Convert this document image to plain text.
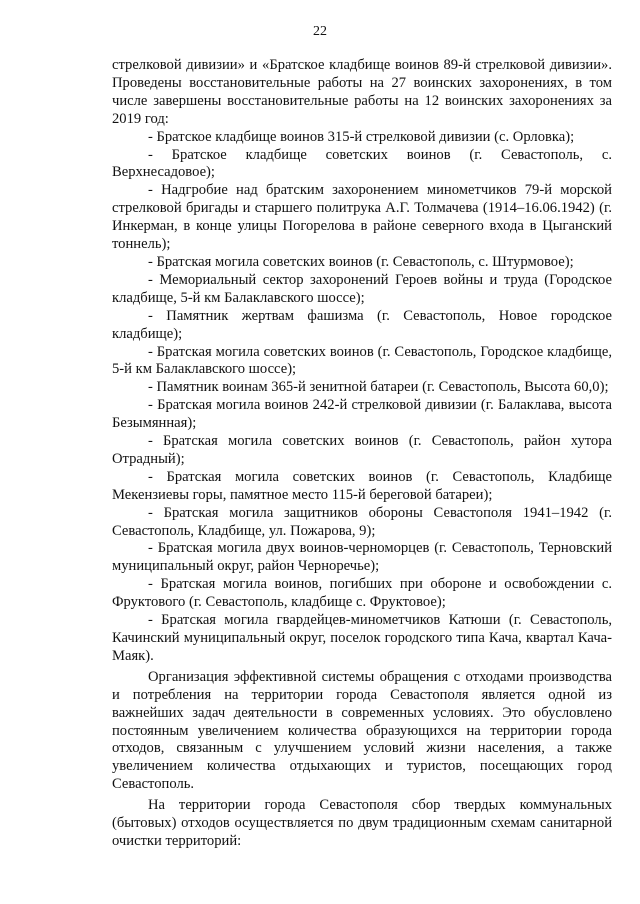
22

стрелковой дивизии» и «Братское кладбище воинов 89-й стрелковой дивизии». Проведены восстановительные работы на 27 воинских захоронениях, в том числе завершены восстановительные работы на 12 воинских захоронениях за 2019 год:

- Братское кладбище воинов 315-й стрелковой дивизии (с. Орловка);

- Братское кладбище советских воинов (г. Севастополь, с. Верхнесадовое);

- Надгробие над братским захоронением минометчиков 79-й морской стрелковой бригады и старшего политрука А.Г. Толмачева (1914–16.06.1942) (г. Инкерман, в конце улицы Погорелова в районе северного входа в Цыганский тоннель);

- Братская могила советских воинов (г. Севастополь, с. Штурмовое);

- Мемориальный сектор захоронений Героев войны и труда (Городское кладбище, 5-й км Балаклавского шоссе);

- Памятник жертвам фашизма (г. Севастополь, Новое городское кладбище);

- Братская могила советских воинов (г. Севастополь, Городское кладбище, 5-й км Балаклавского шоссе);

- Памятник воинам 365-й зенитной батареи (г. Севастополь, Высота 60,0);

- Братская могила воинов 242-й стрелковой дивизии (г. Балаклава, высота Безымянная);

- Братская могила советских воинов (г. Севастополь, район хутора Отрадный);

- Братская могила советских воинов (г. Севастополь, Кладбище Мекензиевы горы, памятное место 115-й береговой батареи);

- Братская могила защитников обороны Севастополя 1941–1942 (г. Севастополь, Кладбище, ул. Пожарова, 9);

- Братская могила двух воинов-черноморцев (г. Севастополь, Терновский муниципальный округ, район Черноречье);

- Братская могила воинов, погибших при обороне и освобождении с. Фруктового (г. Севастополь, кладбище с. Фруктовое);

- Братская могила гвардейцев-минометчиков Катюши (г. Севастополь, Качинский муниципальный округ, поселок городского типа Кача, квартал Кача-Маяк).

Организация эффективной системы обращения с отходами производства и потребления на территории города Севастополя является одной из важнейших задач деятельности в современных условиях. Это обусловлено постоянным увеличением количества образующихся на территории города отходов, связанным с улучшением условий жизни населения, а также увеличением количества отдыхающих и туристов, посещающих город Севастополь.

На территории города Севастополя сбор твердых коммунальных (бытовых) отходов осуществляется по двум традиционным схемам санитарной очистки территорий:
